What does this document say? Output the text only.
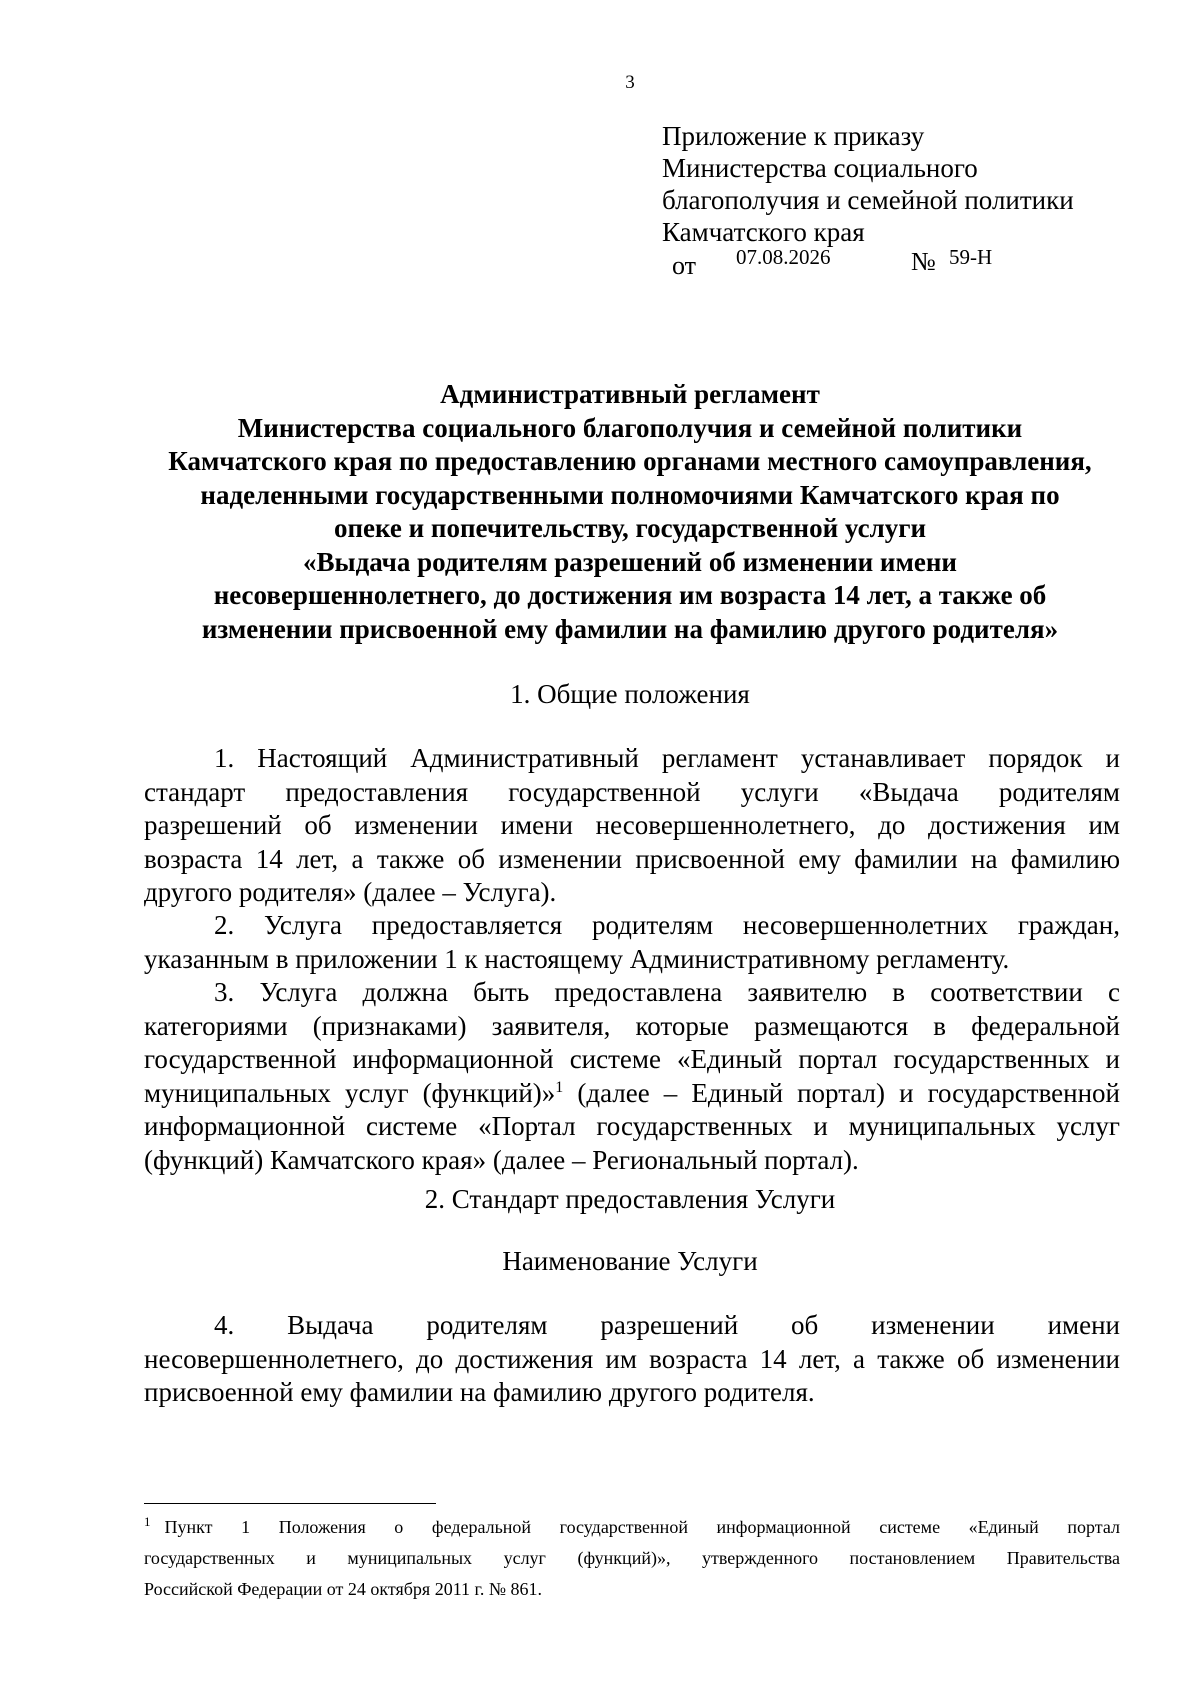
3
Приложение к приказу
Министерства социального
благополучия и семейной политики
Камчатского края
от 07.08.2026	№ 59-Н
Административный регламент
Министерства социального благополучия и семейной политики
Камчатского края по предоставлению органами местного самоуправления,
наделенными государственными полномочиями Камчатского края по
опеке и попечительству, государственной услуги
«Выдача родителям разрешений об изменении имени
несовершеннолетнего, до достижения им возраста 14 лет, а также об
изменении присвоенной ему фамилии на фамилию другого родителя»
1. Общие положения
1. Настоящий Административный регламент устанавливает порядок и
стандарт предоставления государственной услуги «Выдача родителям
разрешений об изменении имени несовершеннолетнего, до достижения им
возраста 14 лет, а также об изменении присвоенной ему фамилии на фамилию
другого родителя» (далее – Услуга).
2. Услуга предоставляется родителям несовершеннолетних граждан,
указанным в приложении 1 к настоящему Административному регламенту.
3. Услуга должна быть предоставлена заявителю в соответствии с
категориями (признаками) заявителя, которые размещаются в федеральной
государственной информационной системе «Единый портал государственных и
муниципальных услуг (функций)»$^1$ (далее – Единый портал) и государственной
информационной системе «Портал государственных и муниципальных услуг
(функций) Камчатского края» (далее – Региональный портал).
2. Стандарт предоставления Услуги
Наименование Услуги
4. Выдача родителям разрешений об изменении имени
несовершеннолетнего, до достижения им возраста 14 лет, а также об изменении
присвоенной ему фамилии на фамилию другого родителя.
$^1$ Пункт 1 Положения о федеральной государственной информационной системе «Единый портал
государственных и муниципальных услуг (функций)», утвержденного постановлением Правительства
Российской Федерации от 24 октября 2011 г. № 861.
